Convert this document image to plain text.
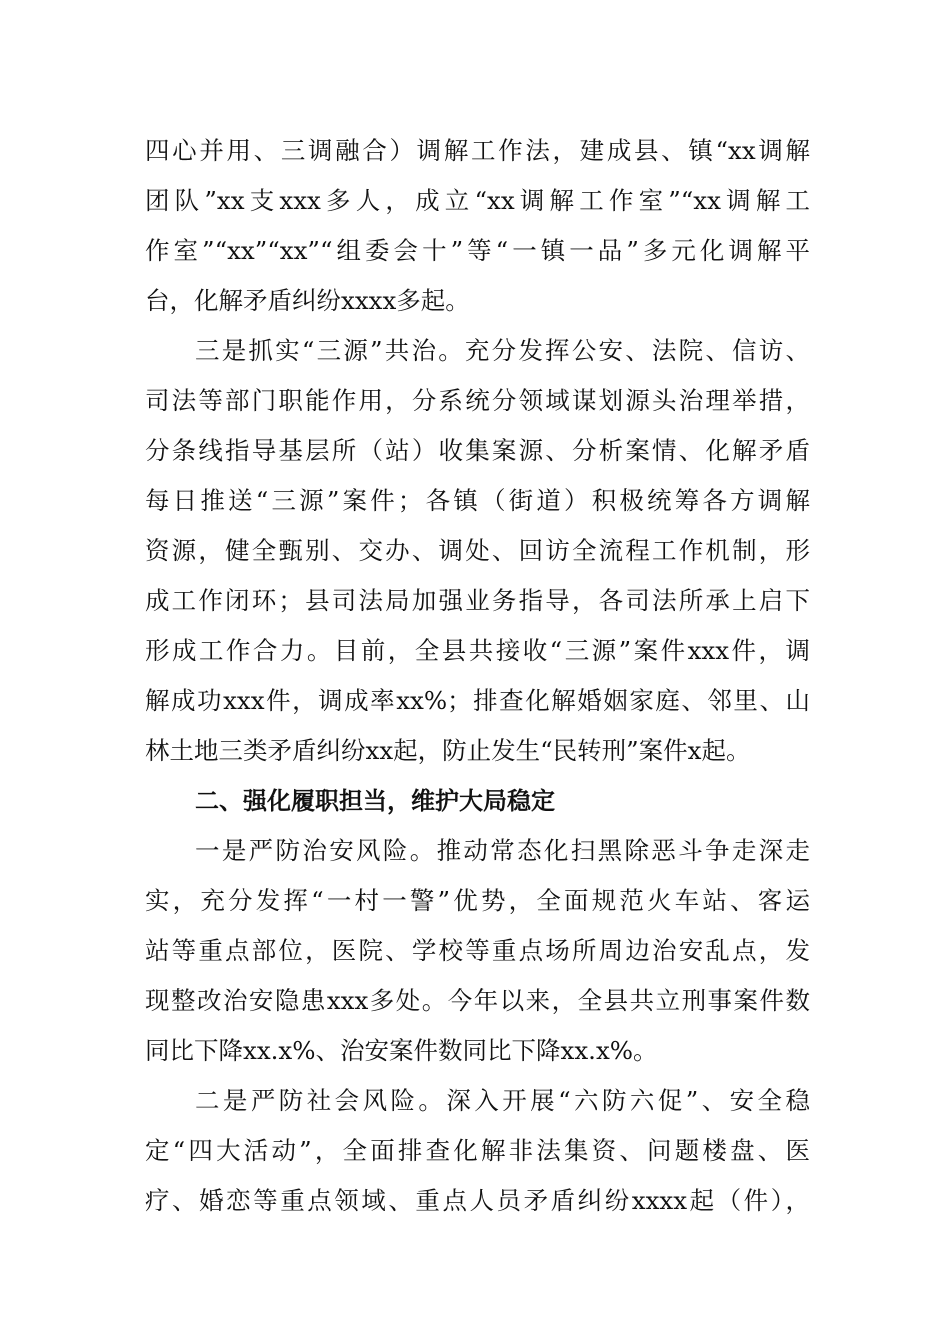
四心并用、三调融合）调解工作法，建成县、镇“xx调解
团队”xx支xxx多人，成立“xx调解工作室”“xx调解工
作室”“xx”“xx”“组委会十”等“一镇一品”多元化调解平
台，化解矛盾纠纷xxxx多起。
三是抓实“三源”共治。充分发挥公安、法院、信访、
司法等部门职能作用，分系统分领域谋划源头治理举措，
分条线指导基层所（站）收集案源、分析案情、化解矛盾
每日推送“三源”案件；各镇（街道）积极统筹各方调解
资源，健全甄别、交办、调处、回访全流程工作机制，形
成工作闭环；县司法局加强业务指导，各司法所承上启下
形成工作合力。目前，全县共接收“三源”案件xxx件，调
解成功xxx件，调成率xx%；排查化解婚姻家庭、邻里、山
林土地三类矛盾纠纷xx起，防止发生“民转刑”案件x起。
二、强化履职担当，维护大局稳定
一是严防治安风险。推动常态化扫黑除恶斗争走深走
实，充分发挥“一村一警”优势，全面规范火车站、客运
站等重点部位，医院、学校等重点场所周边治安乱点，发
现整改治安隐患xxx多处。今年以来，全县共立刑事案件数
同比下降xx.x%、治安案件数同比下降xx.x%。
二是严防社会风险。深入开展“六防六促”、安全稳
定“四大活动”，全面排查化解非法集资、问题楼盘、医
疗、婚恋等重点领域、重点人员矛盾纠纷xxxx起（件），
